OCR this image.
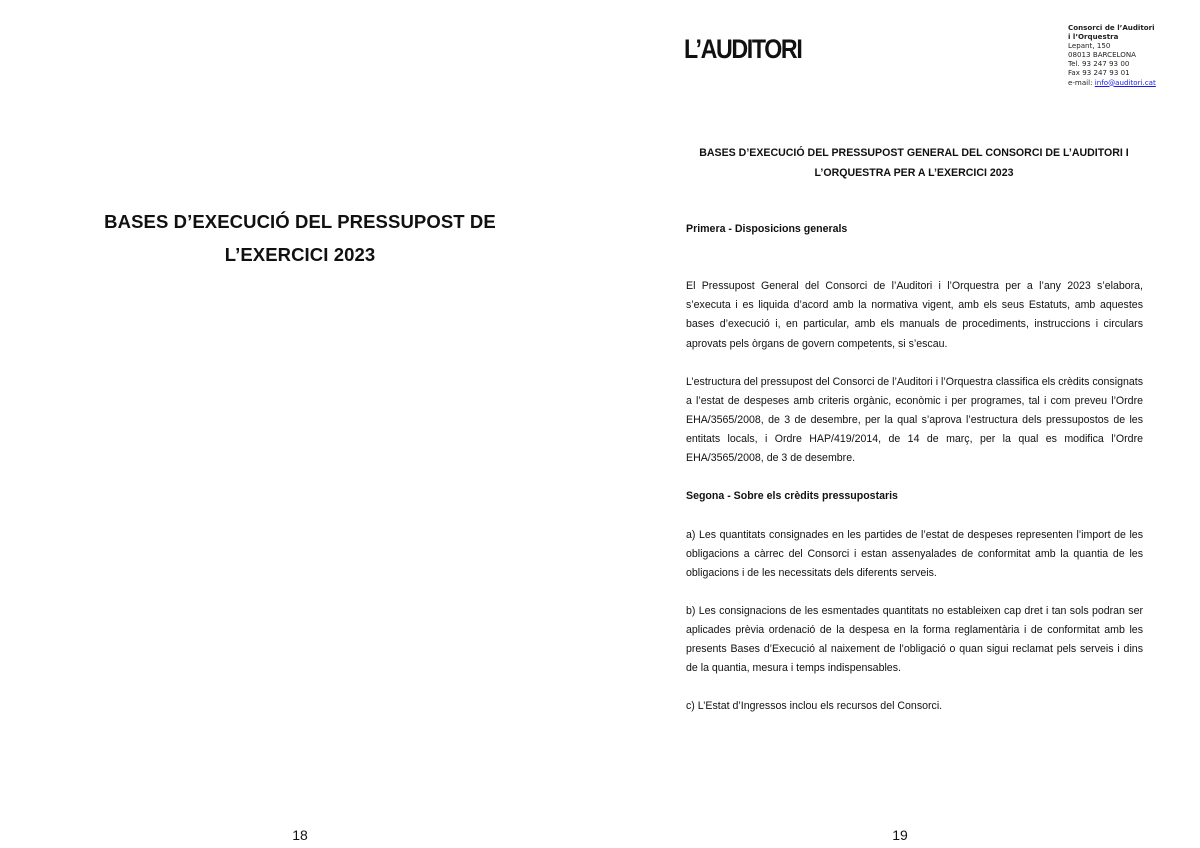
BASES D’EXECUCIÓ DEL PRESSUPOST DE
L’EXERCICI 2023
18
L’AUDITORI
Consorci de l’Auditori
i l’Orquestra
Lepant, 150
08013 BARCELONA
Tel. 93 247 93 00
Fax 93 247 93 01
e-mail: info@auditori.cat
BASES D’EXECUCIÓ DEL PRESSUPOST GENERAL DEL CONSORCI DE L’AUDITORI I
L’ORQUESTRA PER A L’EXERCICI 2023
Primera - Disposicions generals

El Pressupost General del Consorci de l’Auditori i l’Orquestra per a l’any 2023 s’elabora, s’executa i es liquida d’acord amb la normativa vigent, amb els seus Estatuts, amb aquestes bases d’execució i, en particular, amb els manuals de procediments, instruccions i circulars aprovats pels òrgans de govern competents, si s’escau.

L’estructura del pressupost del Consorci de l’Auditori i l’Orquestra classifica els crèdits consignats a l’estat de despeses amb criteris orgànic, econòmic i per programes, tal i com preveu l’Ordre EHA/3565/2008, de 3 de desembre, per la qual s’aprova l’estructura dels pressupostos de les entitats locals, i Ordre HAP/419/2014, de 14 de març, per la qual es modifica l’Ordre EHA/3565/2008, de 3 de desembre.

Segona - Sobre els crèdits pressupostaris

a) Les quantitats consignades en les partides de l’estat de despeses representen l’import de les obligacions a càrrec del Consorci i estan assenyalades de conformitat amb la quantia de les obligacions i de les necessitats dels diferents serveis.

b) Les consignacions de les esmentades quantitats no estableixen cap dret i tan sols podran ser aplicades prèvia ordenació de la despesa en la forma reglamentària i de conformitat amb les presents Bases d’Execució al naixement de l’obligació o quan sigui reclamat pels serveis i dins de la quantia, mesura i temps indispensables.

c) L’Estat d’Ingressos inclou els recursos del Consorci.

19
